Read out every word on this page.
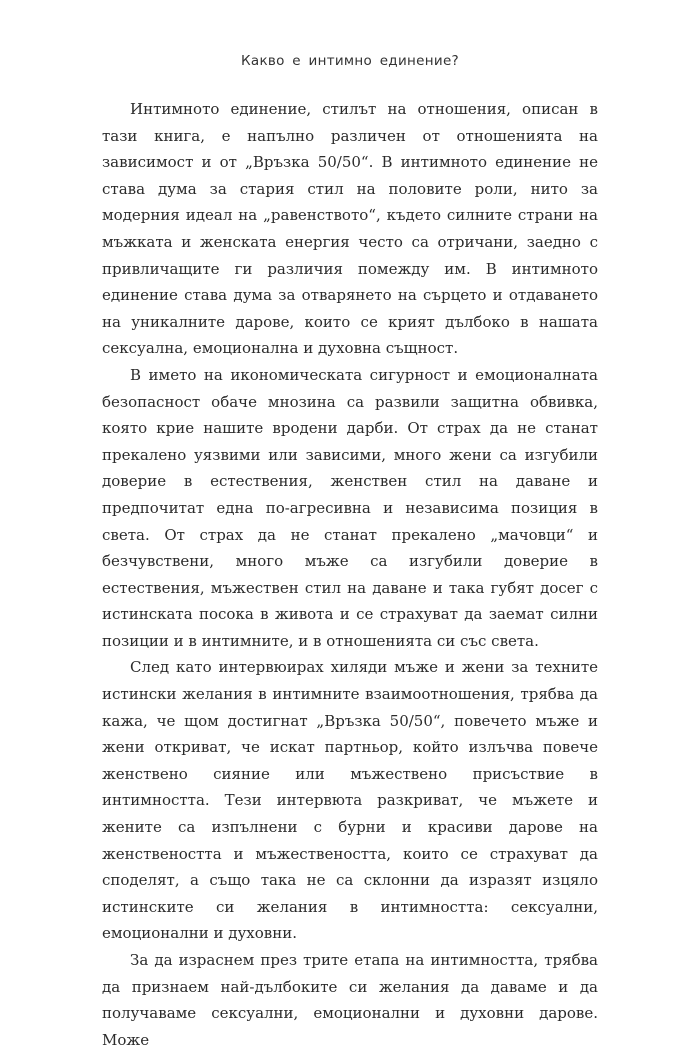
Какво е интимно единение?

Интимното единение, стилът на отношения, описан в тази книга, е напълно различен от отношенията на зависимост и от „Връзка 50/50“. В интимното единение не става дума за стария стил на половите роли, нито за модерния идеал на „равенството“, където силните страни на мъжката и женската енергия често са отричани, заедно с привличащите ги различия помежду им. В интимното единение става дума за отварянето на сърцето и отдаването на уникалните дарове, които се крият дълбоко в нашата сексуална, емоционална и духовна същност.

В името на икономическата сигурност и емоционалната безопасност обаче мнозина са развили защитна обвивка, която крие нашите вродени дарби. От страх да не станат прекалено уязвими или зависими, много жени са изгубили доверие в естествения, женствен стил на даване и предпочитат една по-агресивна и независима позиция в света. От страх да не станат прекалено „мачовци“ и безчувствени, много мъже са изгубили доверие в естествения, мъжествен стил на даване и така губят досег с истинската посока в живота и се страхуват да заемат силни позиции и в интимните, и в отношенията си със света.

След като интервюирах хиляди мъже и жени за техните истински желания в интимните взаимоотношения, трябва да кажа, че щом достигнат „Връзка 50/50“, повечето мъже и жени откриват, че искат партньор, който излъчва повече женствено сияние или мъжествено присъствие в интимността. Тези интервюта разкриват, че мъжете и жените са изпълнени с бурни и красиви дарове на женствеността и мъжествеността, които се страхуват да споделят, а също така не са склонни да изразят изцяло истинските си желания в интимността: сексуални, емоционални и духовни.

За да израснем през трите етапа на интимността, трябва да признаем най-дълбоките си желания да даваме и да получаваме сексуални, емоционални и духовни дарове. Може
